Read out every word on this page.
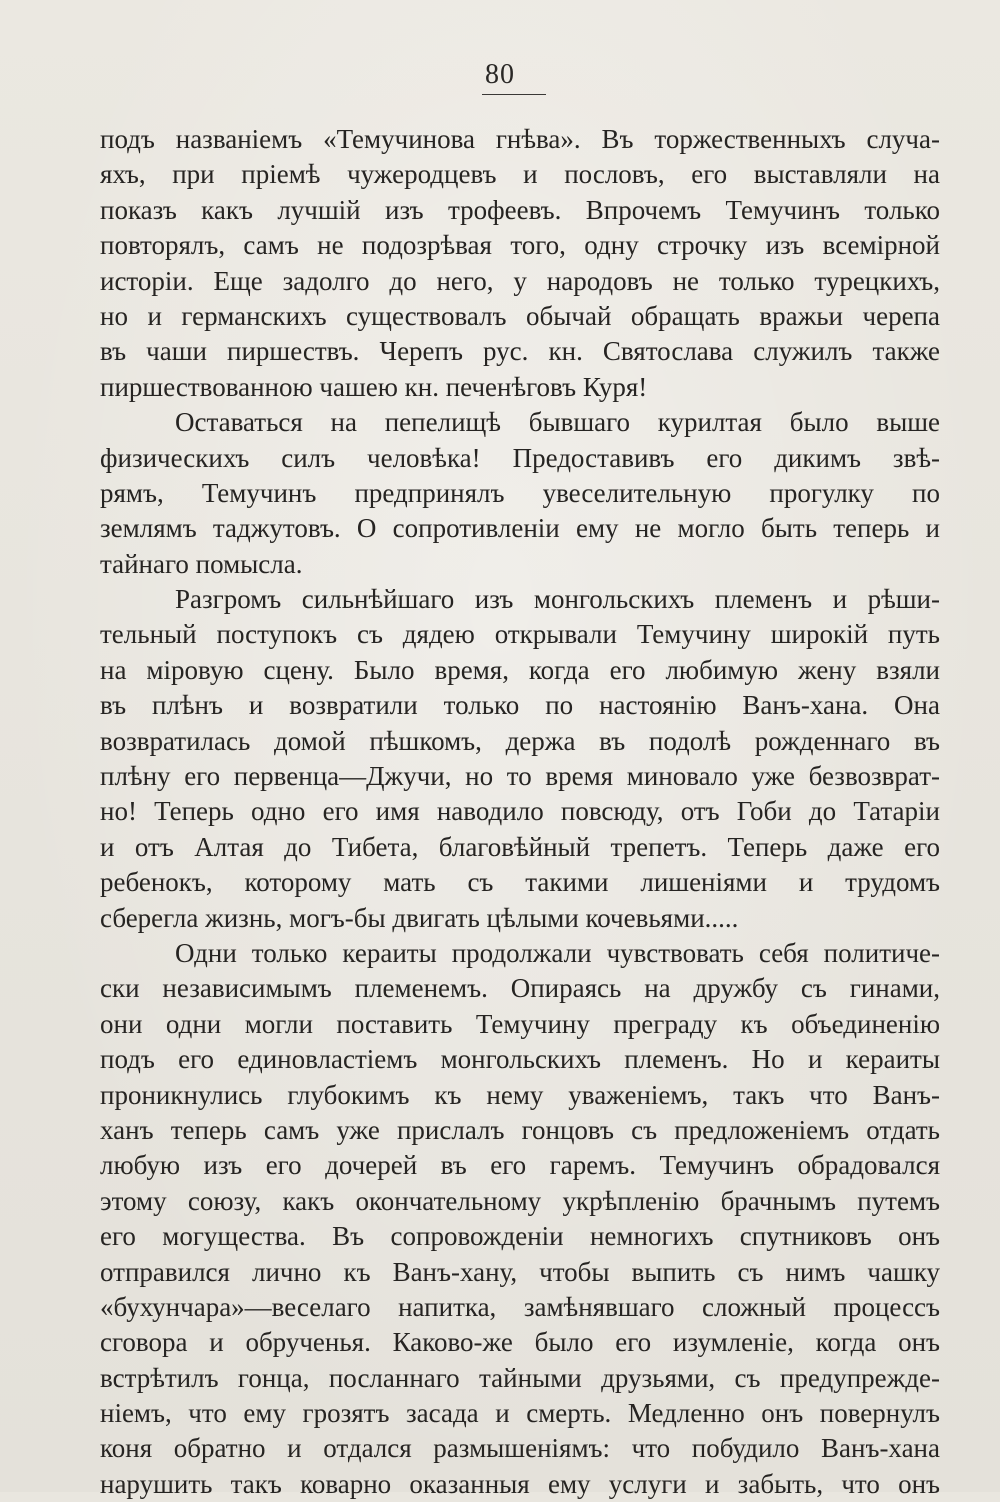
80
подъ названіемъ «Темучинова гнѣва». Въ торжественныхъ случа-
яхъ, при пріемѣ чужеродцевъ и пословъ, его выставляли на
показъ какъ лучшій изъ трофеевъ. Впрочемъ Темучинъ только
повторялъ, самъ не подозрѣвая того, одну строчку изъ всемірной
исторіи. Еще задолго до него, у народовъ не только турецкихъ,
но и германскихъ существовалъ обычай обращать вражьи черепа
въ чаши пиршествъ. Черепъ рус. кн. Святослава служилъ также
пиршествованною чашею кн. печенѣговъ Куря!
Оставаться на пепелищѣ бывшаго курилтая было выше
физическихъ силъ человѣка! Предоставивъ его дикимъ звѣ-
рямъ, Темучинъ предпринялъ увеселительную прогулку по
землямъ таджутовъ. О сопротивленіи ему не могло быть теперь и
тайнаго помысла.
Разгромъ сильнѣйшаго изъ монгольскихъ племенъ и рѣши-
тельный поступокъ съ дядею открывали Темучину широкій путь
на міровую сцену. Было время, когда его любимую жену взяли
въ плѣнъ и возвратили только по настоянію Ванъ-хана. Она
возвратилась домой пѣшкомъ, держа въ подолѣ рожденнаго въ
плѣну его первенца—Джучи, но то время миновало уже безвозврат-
но! Теперь одно его имя наводило повсюду, отъ Гоби до Татаріи
и отъ Алтая до Тибета, благовѣйный трепетъ. Теперь даже его
ребенокъ, которому мать съ такими лишеніями и трудомъ
сберегла жизнь, могъ-бы двигать цѣлыми кочевьями.....
Одни только кераиты продолжали чувствовать себя политиче-
ски независимымъ племенемъ. Опираясь на дружбу съ гинами,
они одни могли поставить Темучину преграду къ объединенію
подъ его единовластіемъ монгольскихъ племенъ. Но и кераиты
проникнулись глубокимъ къ нему уваженіемъ, такъ что Ванъ-
ханъ теперь самъ уже прислалъ гонцовъ съ предложеніемъ отдать
любую изъ его дочерей въ его гаремъ. Темучинъ обрадовался
этому союзу, какъ окончательному укрѣпленію брачнымъ путемъ
его могущества. Въ сопровожденіи немногихъ спутниковъ онъ
отправился лично къ Ванъ-хану, чтобы выпить съ нимъ чашку
«бухунчара»—веселаго напитка, замѣнявшаго сложный процессъ
сговора и обрученья. Каково-же было его изумленіе, когда онъ
встрѣтилъ гонца, посланнаго тайными друзьями, съ предупрежде-
ніемъ, что ему грозятъ засада и смерть. Медленно онъ повернулъ
коня обратно и отдался размышеніямъ: что побудило Ванъ-хана
нарушить такъ коварно оказанныя ему услуги и забыть, что онъ
